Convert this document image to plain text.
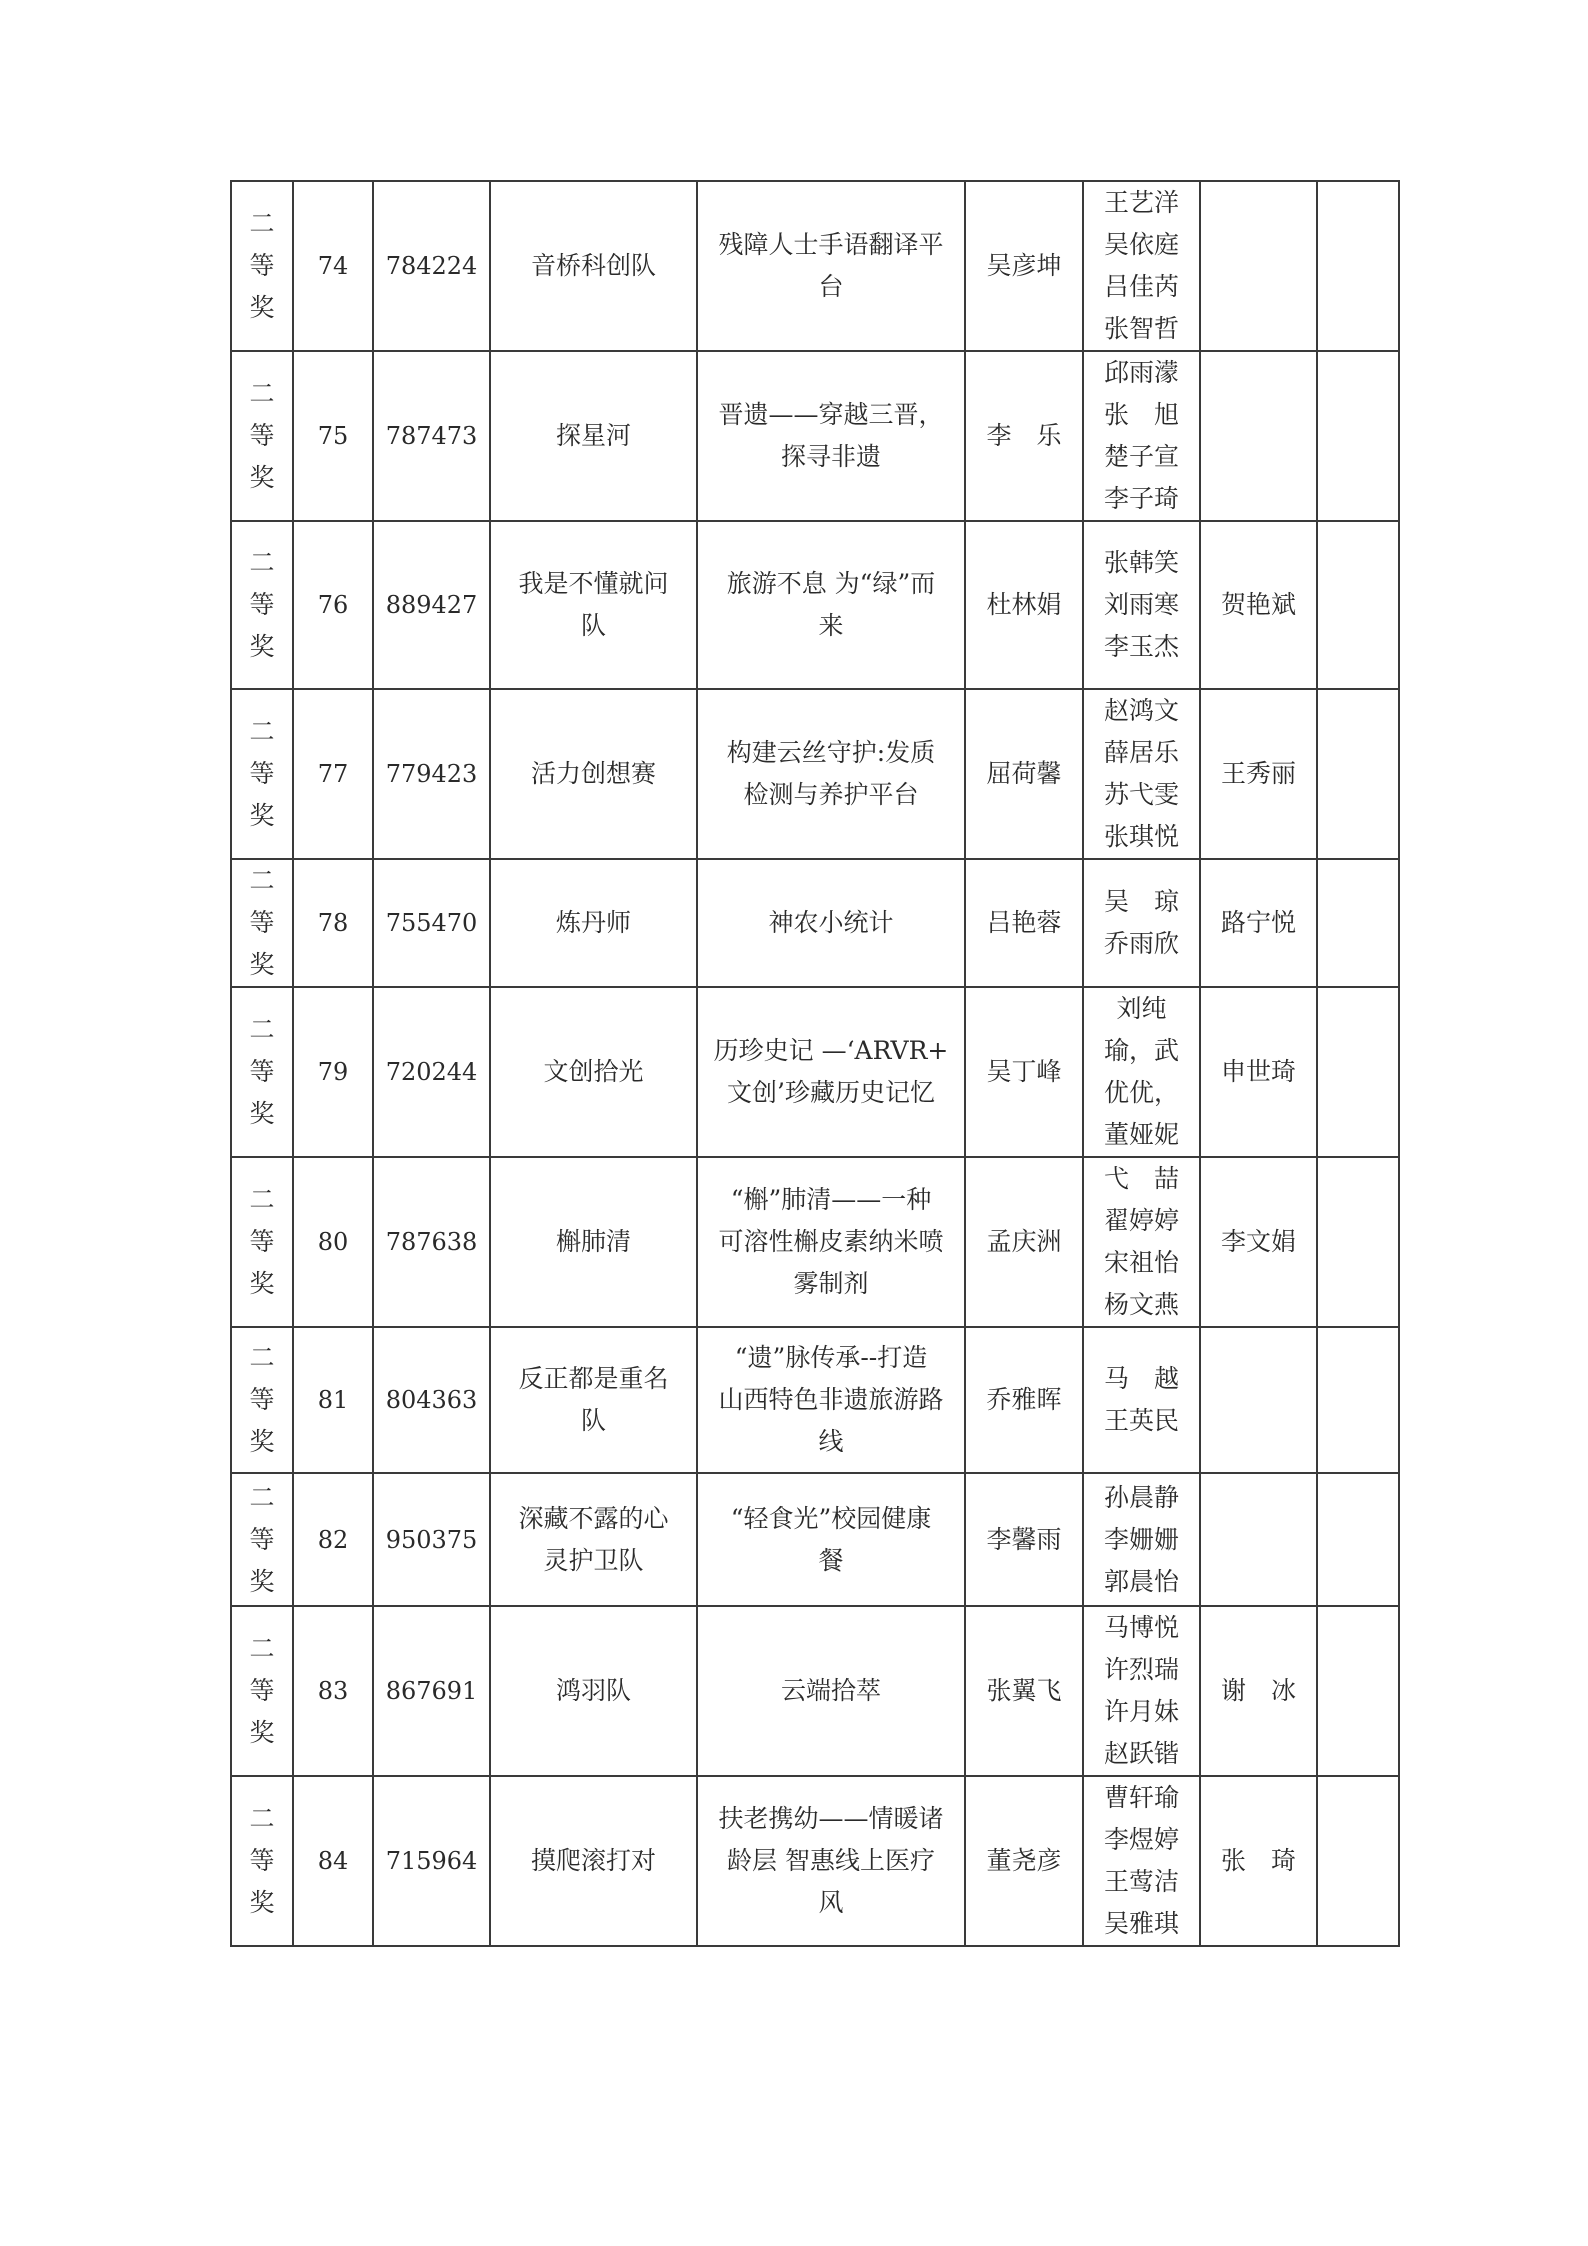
二等奖	74	784224	音桥科创队	残障人士手语翻译平
台	吴彦坤	王艺洋
吴依庭
吕佳芮
张智哲		

二等奖	75	787473	探星河	晋遗——穿越三晋，
探寻非遗	李　乐	邱雨濛
张　旭
楚子宣
李子琦		

二等奖	76	889427	我是不懂就问
队	旅游不息 为“绿”而
来	杜林娟	张韩笑
刘雨寒
李玉杰	贺艳斌	
二等奖	77	779423	活力创想赛	构建云丝守护:发质
检测与养护平台	屈荷馨	赵鸿文
薛居乐
苏弋雯
张琪悦	王秀丽	
二等奖	78	755470	炼丹师	神农小统计	吕艳蓉	吴　琼
乔雨欣	路宁悦	
二等奖	79	720244	文创拾光	历珍史记 —‘ARVR+
文创’珍藏历史记忆	吴丁峰	刘纯
瑜，武
优优，
董娅妮	申世琦	
二等奖	80	787638	槲肺清	“槲”肺清——一种
可溶性槲皮素纳米喷
雾制剂	孟庆洲	弋　喆
翟婷婷
宋祖怡
杨文燕	李文娟	
二等奖	81	804363	反正都是重名
队	“遗”脉传承--打造
山西特色非遗旅游路
线	乔雅晖	马　越
王英民		

二等奖	82	950375	深藏不露的心
灵护卫队	“轻食光”校园健康
餐	李馨雨	孙晨静
李姗姗
郭晨怡		

二等奖	83	867691	鸿羽队	云端拾萃	张翼飞	马博悦
许烈瑞
许月妹
赵跃锴	谢　冰	
二等奖	84	715964	摸爬滚打对	扶老携幼——情暖诸
龄层 智惠线上医疗
风	董尧彦	曹轩瑜
李煜婷
王莺洁
吴雅琪	张　琦	
